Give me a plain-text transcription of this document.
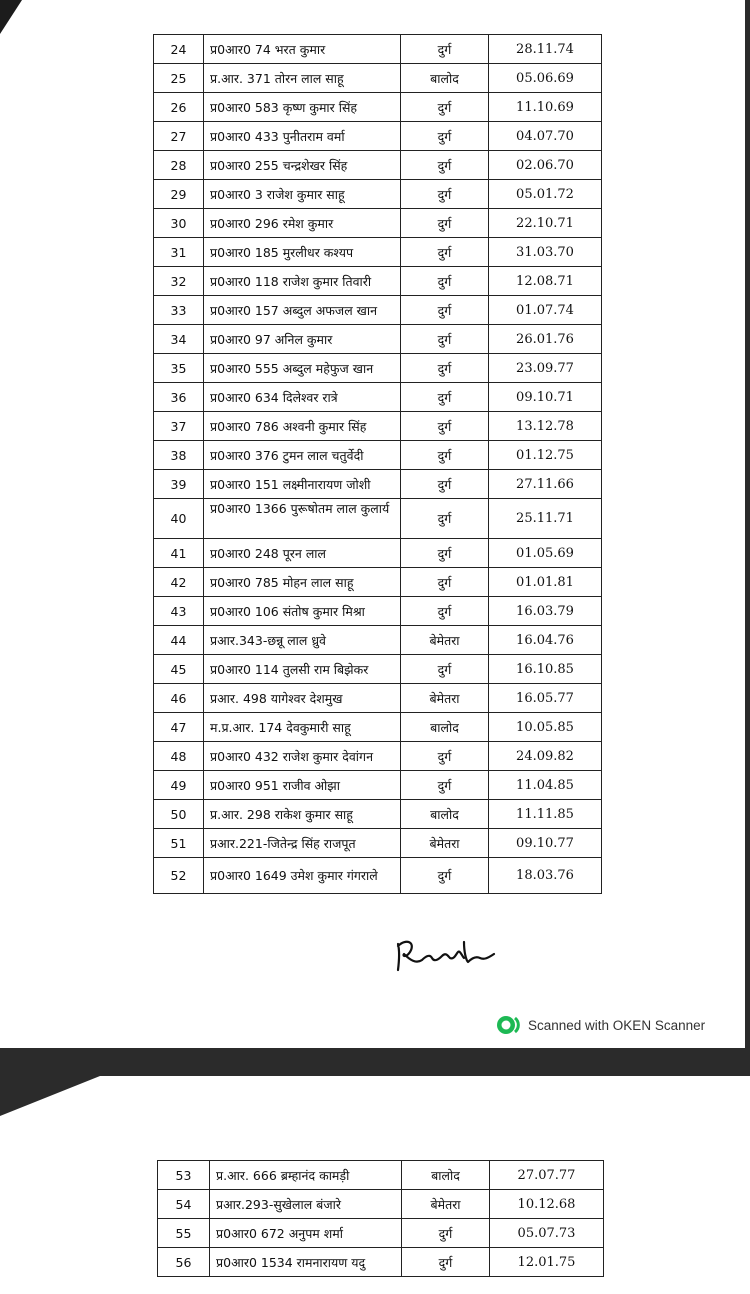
24	प्र0आर0 74 भरत कुमार	दुर्ग	28.11.74
25	प्र.आर. 371 तोरन लाल साहू	बालोद	05.06.69
26	प्र0आर0 583 कृष्ण कुमार सिंह	दुर्ग	11.10.69
27	प्र0आर0 433 पुनीतराम वर्मा	दुर्ग	04.07.70
28	प्र0आर0 255 चन्द्रशेखर सिंह	दुर्ग	02.06.70
29	प्र0आर0 3 राजेश कुमार साहू	दुर्ग	05.01.72
30	प्र0आर0 296 रमेश कुमार	दुर्ग	22.10.71
31	प्र0आर0 185 मुरलीधर कश्यप	दुर्ग	31.03.70
32	प्र0आर0 118 राजेश कुमार तिवारी	दुर्ग	12.08.71
33	प्र0आर0 157 अब्दुल अफजल खान	दुर्ग	01.07.74
34	प्र0आर0 97 अनिल कुमार	दुर्ग	26.01.76
35	प्र0आर0 555 अब्दुल महेफुज खान	दुर्ग	23.09.77
36	प्र0आर0 634 दिलेश्वर रात्रे	दुर्ग	09.10.71
37	प्र0आर0 786 अश्वनी कुमार सिंह	दुर्ग	13.12.78
38	प्र0आर0 376 टुमन लाल चतुर्वेदी	दुर्ग	01.12.75
39	प्र0आर0 151 लक्ष्मीनारायण जोशी	दुर्ग	27.11.66
40	प्र0आर0 1366 पुरूषोतम लाल कुलार्य	दुर्ग	25.11.71
41	प्र0आर0 248 पूरन लाल	दुर्ग	01.05.69
42	प्र0आर0 785 मोहन लाल साहू	दुर्ग	01.01.81
43	प्र0आर0 106 संतोष कुमार मिश्रा	दुर्ग	16.03.79
44	प्रआर.343-छन्नू लाल ध्रुवे	बेमेतरा	16.04.76
45	प्र0आर0 114 तुलसी राम बिझेकर	दुर्ग	16.10.85
46	प्रआर. 498 यागेश्वर देशमुख	बेमेतरा	16.05.77
47	म.प्र.आर. 174 देवकुमारी साहू	बालोद	10.05.85
48	प्र0आर0 432 राजेश कुमार देवांगन	दुर्ग	24.09.82
49	प्र0आर0 951 राजीव ओझा	दुर्ग	11.04.85
50	प्र.आर. 298 राकेश कुमार साहू	बालोद	11.11.85
51	प्रआर.221-जितेन्द्र सिंह राजपूत	बेमेतरा	09.10.77
52	प्र0आर0 1649 उमेश कुमार गंगराले	दुर्ग	18.03.76
Scanned with OKEN Scanner
53	प्र.आर. 666 ब्रम्हानंद कामड़ी	बालोद	27.07.77
54	प्रआर.293-सुखेलाल बंजारे	बेमेतरा	10.12.68
55	प्र0आर0 672 अनुपम शर्मा	दुर्ग	05.07.73
56	प्र0आर0 1534 रामनारायण यदु	दुर्ग	12.01.75
